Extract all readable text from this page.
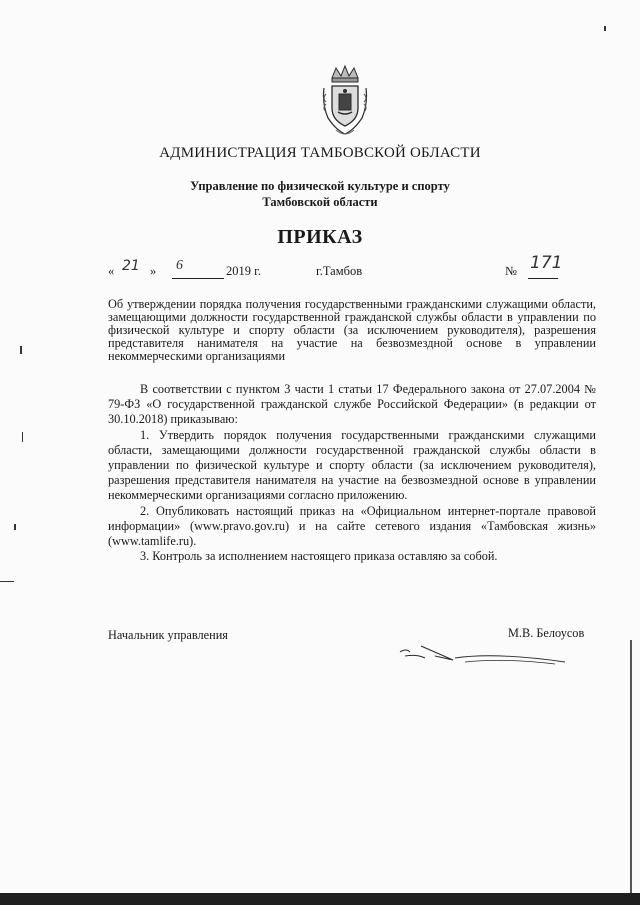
АДМИНИСТРАЦИЯ ТАМБОВСКОЙ ОБЛАСТИ
Управление по физической культуре и спорту
Тамбовской области
ПРИКАЗ
« 21 » 6	2019 г.	г.Тамбов	№ 171
Об утверждении порядка получения государственными гражданскими служащими области, замещающими должности государственной гражданской службы области в управлении по физической культуре и спорту области (за исключением руководителя), разрешения представителя нанимателя на участие на безвозмездной основе в управлении некоммерческими организациями

В соответствии с пунктом 3 части 1 статьи 17 Федерального закона от 27.07.2004 № 79-ФЗ «О государственной гражданской службе Российской Федерации» (в редакции от 30.10.2018) приказываю:

1. Утвердить порядок получения государственными гражданскими служащими области, замещающими должности государственной гражданской службы области в управлении по физической культуре и спорту области (за исключением руководителя), разрешения представителя нанимателя на участие на безвозмездной основе в управлении некоммерческими организациями согласно приложению.

2. Опубликовать настоящий приказ на «Официальном интернет-портале правовой информации» (www.pravo.gov.ru) и на сайте сетевого издания «Тамбовская жизнь» (www.tamlife.ru).

3. Контроль за исполнением настоящего приказа оставляю за собой.

Начальник управления	М.В. Белоусов
